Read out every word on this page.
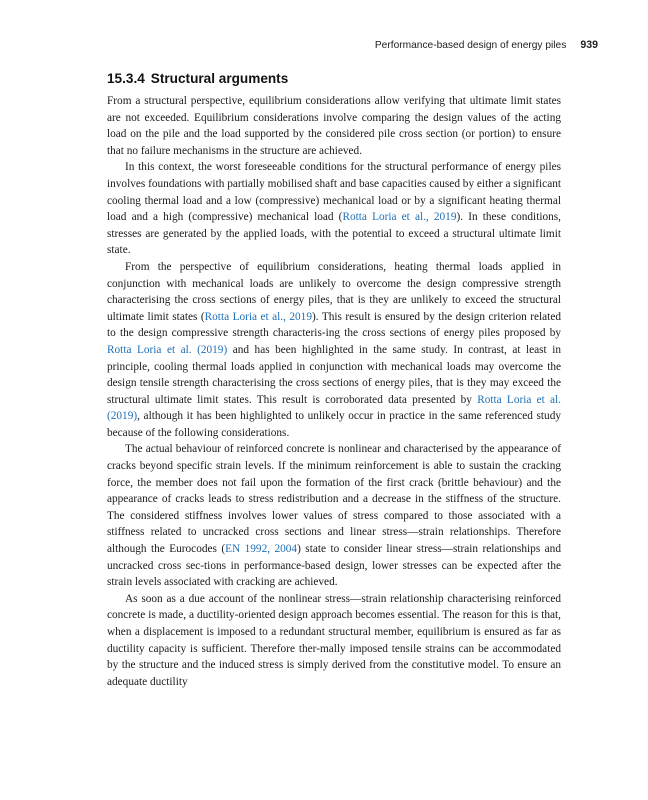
Performance-based design of energy piles 939
15.3.4 Structural arguments

From a structural perspective, equilibrium considerations allow verifying that ultimate limit states are not exceeded. Equilibrium considerations involve comparing the design values of the acting load on the pile and the load supported by the considered pile cross section (or portion) to ensure that no failure mechanisms in the structure are achieved.

In this context, the worst foreseeable conditions for the structural performance of energy piles involves foundations with partially mobilised shaft and base capacities caused by either a significant cooling thermal load and a low (compressive) mechanical load or by a significant heating thermal load and a high (compressive) mechanical load (Rotta Loria et al., 2019). In these conditions, stresses are generated by the applied loads, with the potential to exceed a structural ultimate limit state.

From the perspective of equilibrium considerations, heating thermal loads applied in conjunction with mechanical loads are unlikely to overcome the design compressive strength characterising the cross sections of energy piles, that is they are unlikely to exceed the structural ultimate limit states (Rotta Loria et al., 2019). This result is ensured by the design criterion related to the design compressive strength characteris-ing the cross sections of energy piles proposed by Rotta Loria et al. (2019) and has been highlighted in the same study. In contrast, at least in principle, cooling thermal loads applied in conjunction with mechanical loads may overcome the design tensile strength characterising the cross sections of energy piles, that is they may exceed the structural ultimate limit states. This result is corroborated data presented by Rotta Loria et al. (2019), although it has been highlighted to unlikely occur in practice in the same referenced study because of the following considerations.

The actual behaviour of reinforced concrete is nonlinear and characterised by the appearance of cracks beyond specific strain levels. If the minimum reinforcement is able to sustain the cracking force, the member does not fail upon the formation of the first crack (brittle behaviour) and the appearance of cracks leads to stress redistribution and a decrease in the stiffness of the structure. The considered stiffness involves lower values of stress compared to those associated with a stiffness related to uncracked cross sections and linear stress—strain relationships. Therefore although the Eurocodes (EN 1992, 2004) state to consider linear stress—strain relationships and uncracked cross sec-tions in performance-based design, lower stresses can be expected after the strain levels associated with cracking are achieved.

As soon as a due account of the nonlinear stress—strain relationship characterising reinforced concrete is made, a ductility-oriented design approach becomes essential. The reason for this is that, when a displacement is imposed to a redundant structural member, equilibrium is ensured as far as ductility capacity is sufficient. Therefore ther-mally imposed tensile strains can be accommodated by the structure and the induced stress is simply derived from the constitutive model. To ensure an adequate ductility
